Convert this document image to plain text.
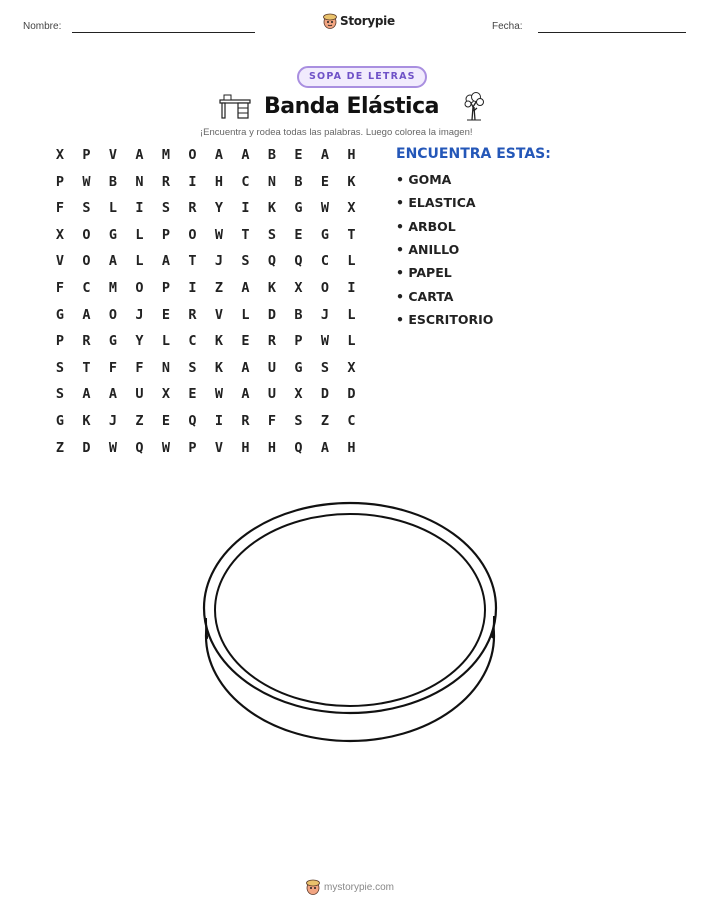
Nombre:	Storypie	Fecha:
SOPA DE LETRAS
Banda Elástica
¡Encuentra y rodea todas las palabras. Luego colorea la imagen!
X	P	V	A	M	O	A	A	B	E	A	H
P	W	B	N	R	I	H	C	N	B	E	K
F	S	L	I	S	R	Y	I	K	G	W	X
X	O	G	L	P	O	W	T	S	E	G	T
V	O	A	L	A	T	J	S	Q	Q	C	L
F	C	M	O	P	I	Z	A	K	X	O	I
G	A	O	J	E	R	V	L	D	B	J	L
P	R	G	Y	L	C	K	E	R	P	W	L
S	T	F	F	N	S	K	A	U	G	S	X
S	A	A	U	X	E	W	A	U	X	D	D
G	K	J	Z	E	Q	I	R	F	S	Z	C
Z	D	W	Q	W	P	V	H	H	Q	A	H
ENCUENTRA ESTAS:
• GOMA
• ELASTICA
• ARBOL
• ANILLO
• PAPEL
• CARTA
• ESCRITORIO
mystorypie.com
